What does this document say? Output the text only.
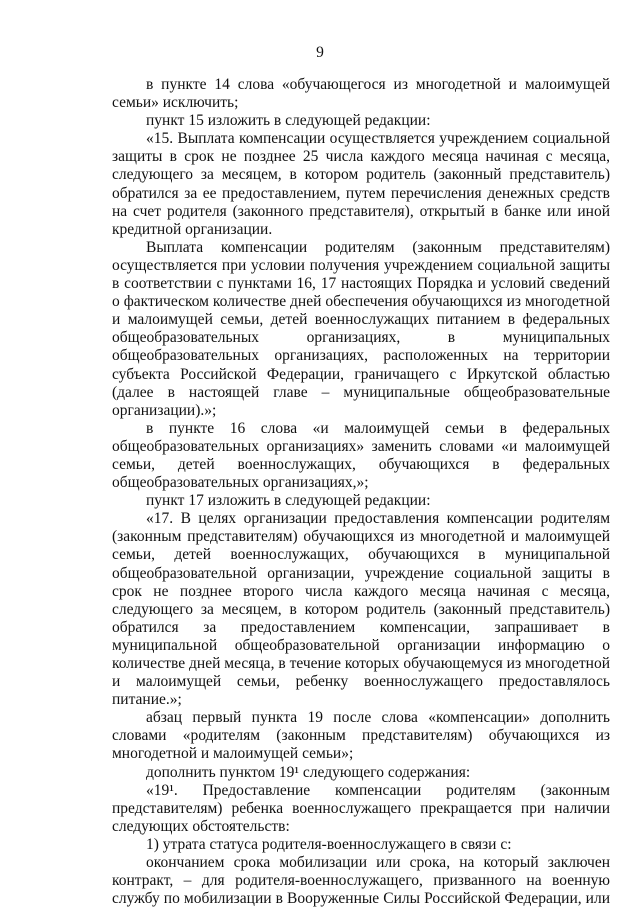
9

в пункте 14 слова «обучающегося из многодетной и малоимущей семьи» исключить;

пункт 15 изложить в следующей редакции:

«15. Выплата компенсации осуществляется учреждением социальной защиты в срок не позднее 25 числа каждого месяца начиная с месяца, следующего за месяцем, в котором родитель (законный представитель) обратился за ее предоставлением, путем перечисления денежных средств на счет родителя (законного представителя), открытый в банке или иной кредитной организации.

Выплата компенсации родителям (законным представителям) осуществляется при условии получения учреждением социальной защиты в соответствии с пунктами 16, 17 настоящих Порядка и условий сведений о фактическом количестве дней обеспечения обучающихся из многодетной и малоимущей семьи, детей военнослужащих питанием в федеральных общеобразовательных организациях, в муниципальных общеобразовательных организациях, расположенных на территории субъекта Российской Федерации, граничащего с Иркутской областью (далее в настоящей главе – муниципальные общеобразовательные организации).»;

в пункте 16 слова «и малоимущей семьи в федеральных общеобразовательных организациях» заменить словами «и малоимущей семьи, детей военнослужащих, обучающихся в федеральных общеобразовательных организациях,»;

пункт 17 изложить в следующей редакции:

«17. В целях организации предоставления компенсации родителям (законным представителям) обучающихся из многодетной и малоимущей семьи, детей военнослужащих, обучающихся в муниципальной общеобразовательной организации, учреждение социальной защиты в срок не позднее второго числа каждого месяца начиная с месяца, следующего за месяцем, в котором родитель (законный представитель) обратился за предоставлением компенсации, запрашивает в муниципальной общеобразовательной организации информацию о количестве дней месяца, в течение которых обучающемуся из многодетной и малоимущей семьи, ребенку военнослужащего предоставлялось питание.»;

абзац первый пункта 19 после слова «компенсации» дополнить словами «родителям (законным представителям) обучающихся из многодетной и малоимущей семьи»;

дополнить пунктом 19¹ следующего содержания:

«19¹. Предоставление компенсации родителям (законным представителям) ребенка военнослужащего прекращается при наличии следующих обстоятельств:

1) утрата статуса родителя-военнослужащего в связи с:

окончанием срока мобилизации или срока, на который заключен контракт, – для родителя-военнослужащего, призванного на военную службу по мобилизации в Вооруженные Силы Российской Федерации, или
